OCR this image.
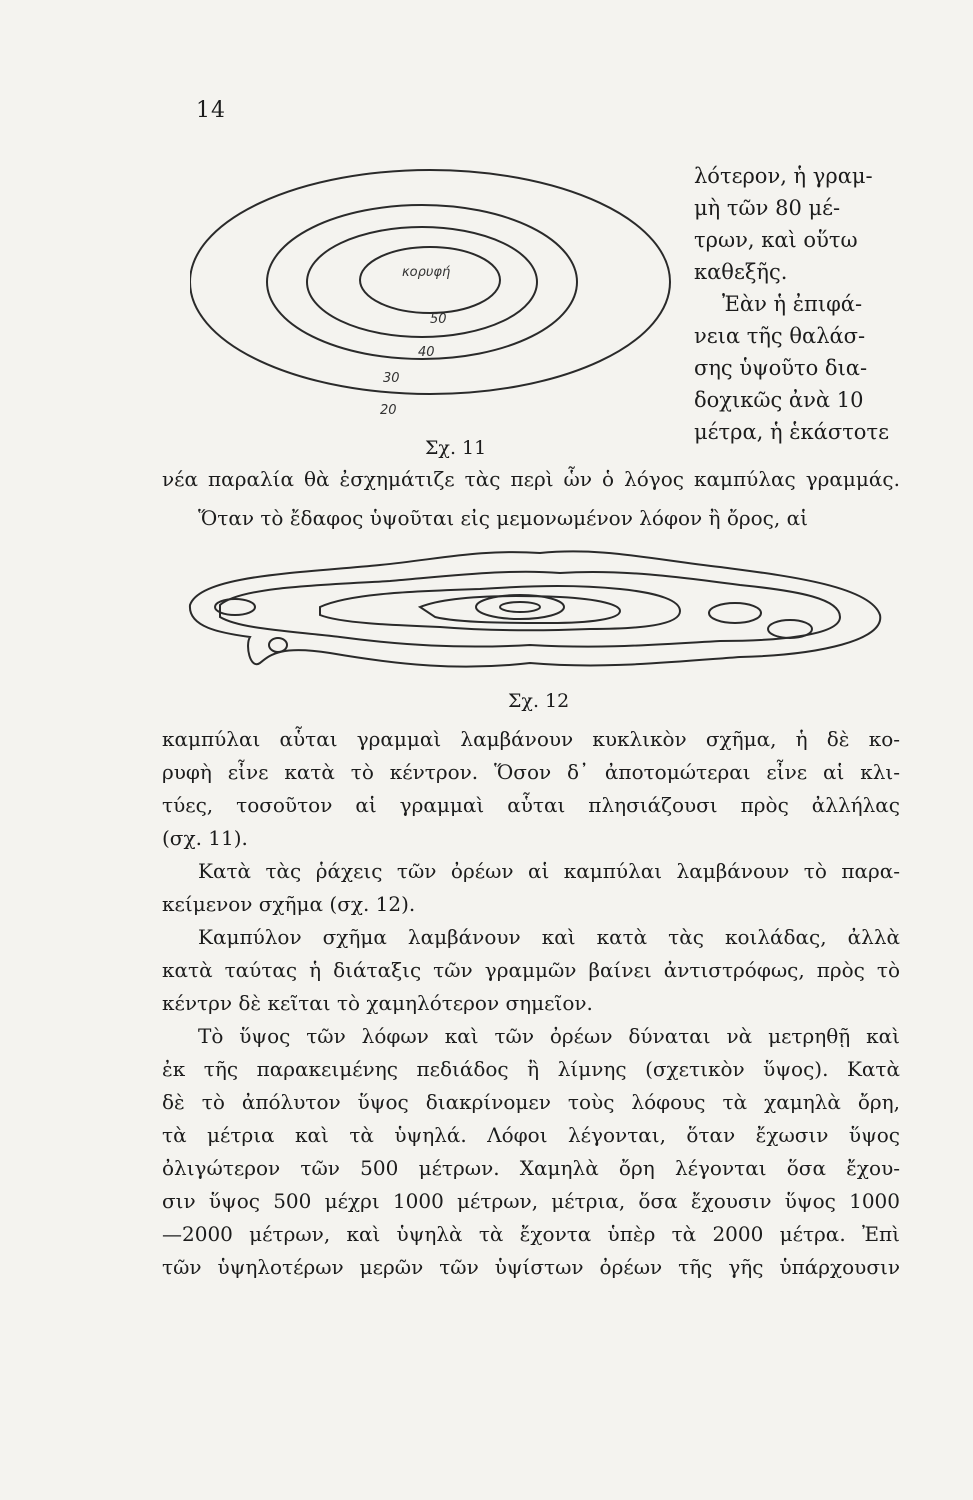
14
κορυφή
50
40
30
20
λότερον, ἡ γραμ-
μὴ τῶν 80 μέ-
τρων, καὶ οὕτω
καθεξῆς.
Ἐὰν ἡ ἐπιφά-
νεια τῆς θαλάσ-
σης ὑψοῦτο δια-
δοχικῶς ἀνὰ 10
μέτρα, ἡ ἑκάστοτε
Σχ. 11
νέα παραλία θὰ ἐσχημάτιζε τὰς περὶ ὧν ὁ λόγος καμπύλας γραμμάς.
Ὅταν τὸ ἔδαφος ὑψοῦται εἰς μεμονωμένον λόφον ἢ ὄρος, αἱ
Σχ. 12
καμπύλαι αὗται γραμμαὶ λαμβάνουν κυκλικὸν σχῆμα, ἡ δὲ κο-
ρυφὴ εἶνε κατὰ τὸ κέντρον. Ὅσον δ᾿ ἀποτομώτεραι εἶνε αἱ κλι-
τύες, τοσοῦτον αἱ γραμμαὶ αὗται πλησιάζουσι πρὸς ἀλλήλας
(σχ. 11).
Κατὰ τὰς ῥάχεις τῶν ὀρέων αἱ καμπύλαι λαμβάνουν τὸ παρα-
κείμενον σχῆμα (σχ. 12).
Καμπύλον σχῆμα λαμβάνουν καὶ κατὰ τὰς κοιλάδας, ἀλλὰ
κατὰ ταύτας ἡ διάταξις τῶν γραμμῶν βαίνει ἀντιστρόφως, πρὸς τὸ
κέντρν δὲ κεῖται τὸ χαμηλότερον σημεῖον.
Τὸ ὕψος τῶν λόφων καὶ τῶν ὀρέων δύναται νὰ μετρηθῇ καὶ
ἐκ τῆς παρακειμένης πεδιάδος ἢ λίμνης (σχετικὸν ὕψος). Κατὰ
δὲ τὸ ἀπόλυτον ὕψος διακρίνομεν τοὺς λόφους τὰ χαμηλὰ ὄρη,
τὰ μέτρια καὶ τὰ ὑψηλά. Λόφοι λέγονται, ὅταν ἔχωσιν ὕψος
ὀλιγώτερον τῶν 500 μέτρων. Χαμηλὰ ὄρη λέγονται ὅσα ἔχου-
σιν ὕψος 500 μέχρι 1000 μέτρων, μέτρια, ὅσα ἔχουσιν ὕψος 1000
—2000 μέτρων, καὶ ὑψηλὰ τὰ ἔχοντα ὑπὲρ τὰ 2000 μέτρα. Ἐπὶ
τῶν ὑψηλοτέρων μερῶν τῶν ὑψίστων ὀρέων τῆς γῆς ὑπάρχουσιν
